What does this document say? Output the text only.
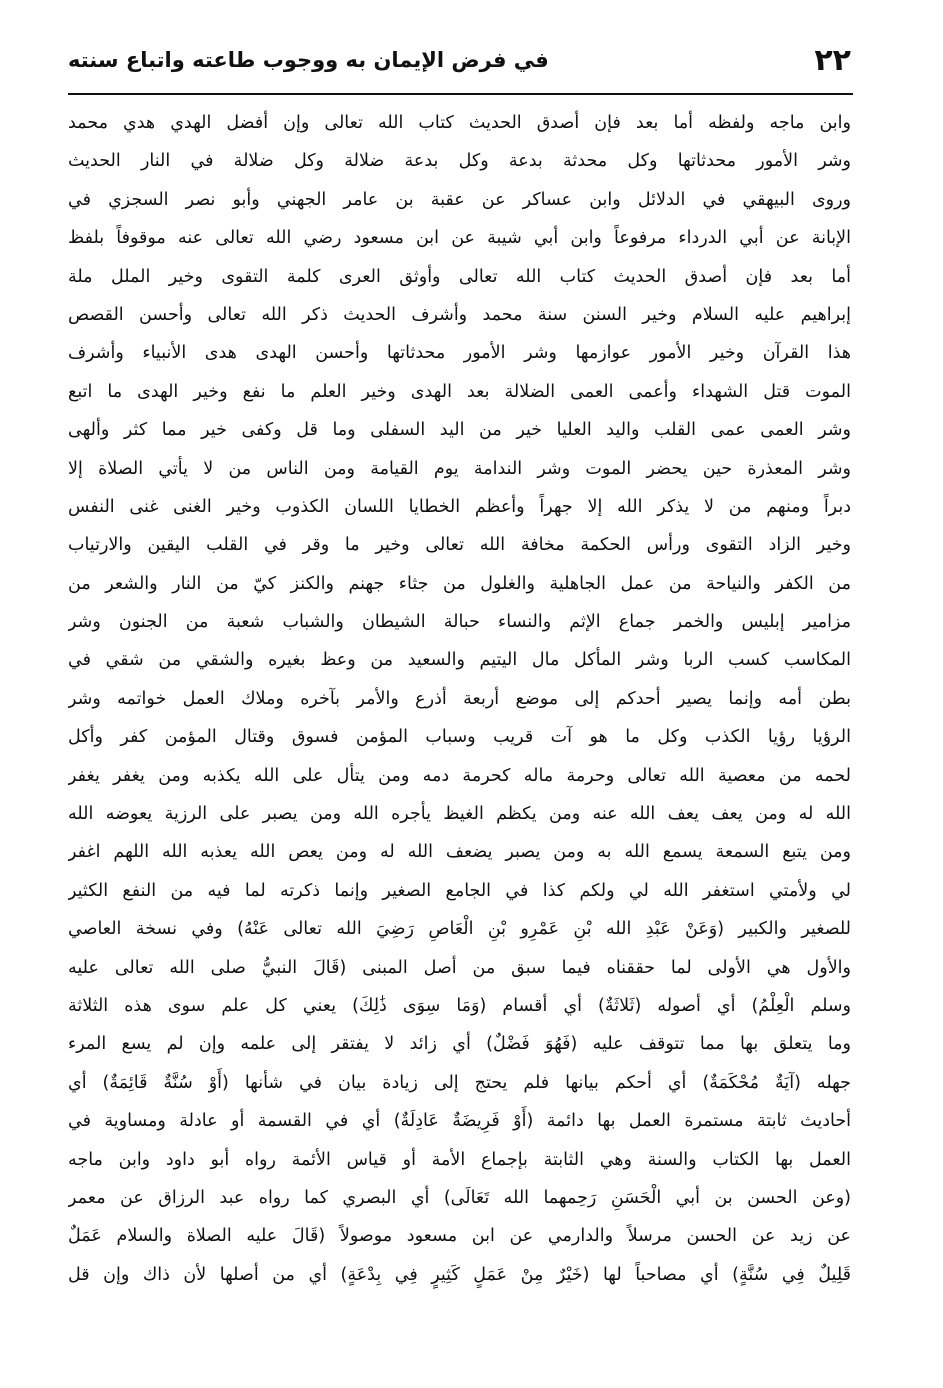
٢٢
في فرض الإيمان به ووجوب طاعته واتباع سنته
وابن ماجه ولفظه أما بعد فإن أصدق الحديث كتاب الله تعالى وإن أفضل الهدي هدي محمد
وشر الأمور محدثاتها وكل محدثة بدعة وكل بدعة ضلالة وكل ضلالة في النار الحديث
وروى البيهقي في الدلائل وابن عساكر عن عقبة بن عامر الجهني وأبو نصر السجزي في
الإبانة عن أبي الدرداء مرفوعاً وابن أبي شيبة عن ابن مسعود رضي الله تعالى عنه موقوفاً بلفظ
أما بعد فإن أصدق الحديث كتاب الله تعالى وأوثق العرى كلمة التقوى وخير الملل ملة
إبراهيم عليه السلام وخير السنن سنة محمد وأشرف الحديث ذكر الله تعالى وأحسن القصص
هذا القرآن وخير الأمور عوازمها وشر الأمور محدثاتها وأحسن الهدى هدى الأنبياء وأشرف
الموت قتل الشهداء وأعمى العمى الضلالة بعد الهدى وخير العلم ما نفع وخير الهدى ما اتبع
وشر العمى عمى القلب واليد العليا خير من اليد السفلى وما قل وكفى خير مما كثر وألهى
وشر المعذرة حين يحضر الموت وشر الندامة يوم القيامة ومن الناس من لا يأتي الصلاة إلا
دبراً ومنهم من لا يذكر الله إلا جهراً وأعظم الخطايا اللسان الكذوب وخير الغنى غنى النفس
وخير الزاد التقوى ورأس الحكمة مخافة الله تعالى وخير ما وقر في القلب اليقين والارتياب
من الكفر والنياحة من عمل الجاهلية والغلول من جثاء جهنم والكنز كيّ من النار والشعر من
مزامير إبليس والخمر جماع الإثم والنساء حبالة الشيطان والشباب شعبة من الجنون وشر
المكاسب كسب الربا وشر المأكل مال اليتيم والسعيد من وعظ بغيره والشقي من شقي في
بطن أمه وإنما يصير أحدكم إلى موضع أربعة أذرع والأمر بآخره وملاك العمل خواتمه وشر
الرؤيا رؤيا الكذب وكل ما هو آت قريب وسباب المؤمن فسوق وقتال المؤمن كفر وأكل
لحمه من معصية الله تعالى وحرمة ماله كحرمة دمه ومن يتأل على الله يكذبه ومن يغفر يغفر
الله له ومن يعف يعف الله عنه ومن يكظم الغيظ يأجره الله ومن يصبر على الرزية يعوضه الله
ومن يتبع السمعة يسمع الله به ومن يصبر يضعف الله له ومن يعص الله يعذبه الله اللهم اغفر
لي ولأمتي استغفر الله لي ولكم كذا في الجامع الصغير وإنما ذكرته لما فيه من النفع الكثير
للصغير والكبير (وَعَنْ عَبْدِ الله بْنِ عَمْرِو بْنِ الْعَاصِ رَضِيَ الله تعالى عَنْهُ) وفي نسخة العاصي
والأول هي الأولى لما حققناه فيما سبق من أصل المبنى (قَالَ النبيُّ صلى الله تعالى عليه
وسلم الْعِلْمُ) أي أصوله (ثَلاثَةٌ) أي أقسام (وَمَا سِوَى ذَٰلِكَ) يعني كل علم سوى هذه الثلاثة
وما يتعلق بها مما تتوقف عليه (فَهُوَ فَضْلٌ) أي زائد لا يفتقر إلى علمه وإن لم يسع المرء
جهله (آيَةٌ مُحْكَمَةٌ) أي أحكم بيانها فلم يحتج إلى زيادة بيان في شأنها (أَوْ سُنَّةٌ قَائِمَةٌ) أي
أحاديث ثابتة مستمرة العمل بها دائمة (أَوْ فَرِيضَةٌ عَادِلَةٌ) أي في القسمة أو عادلة ومساوية في
العمل بها الكتاب والسنة وهي الثابتة بإجماع الأمة أو قياس الأئمة رواه أبو داود وابن ماجه
(وعن الحسن بن أبي الْحَسَنِ رَحِمهما الله تَعَالَى) أي البصري كما رواه عبد الرزاق عن معمر
عن زيد عن الحسن مرسلاً والدارمي عن ابن مسعود موصولاً (قَالَ عليه الصلاة والسلام عَمَلٌ
قَلِيلٌ فِي سُنَّةٍ) أي مصاحباً لها (خَيْرٌ مِنْ عَمَلٍ كَثِيرٍ فِي بِدْعَةٍ) أي من أصلها لأن ذاك وإن قل
